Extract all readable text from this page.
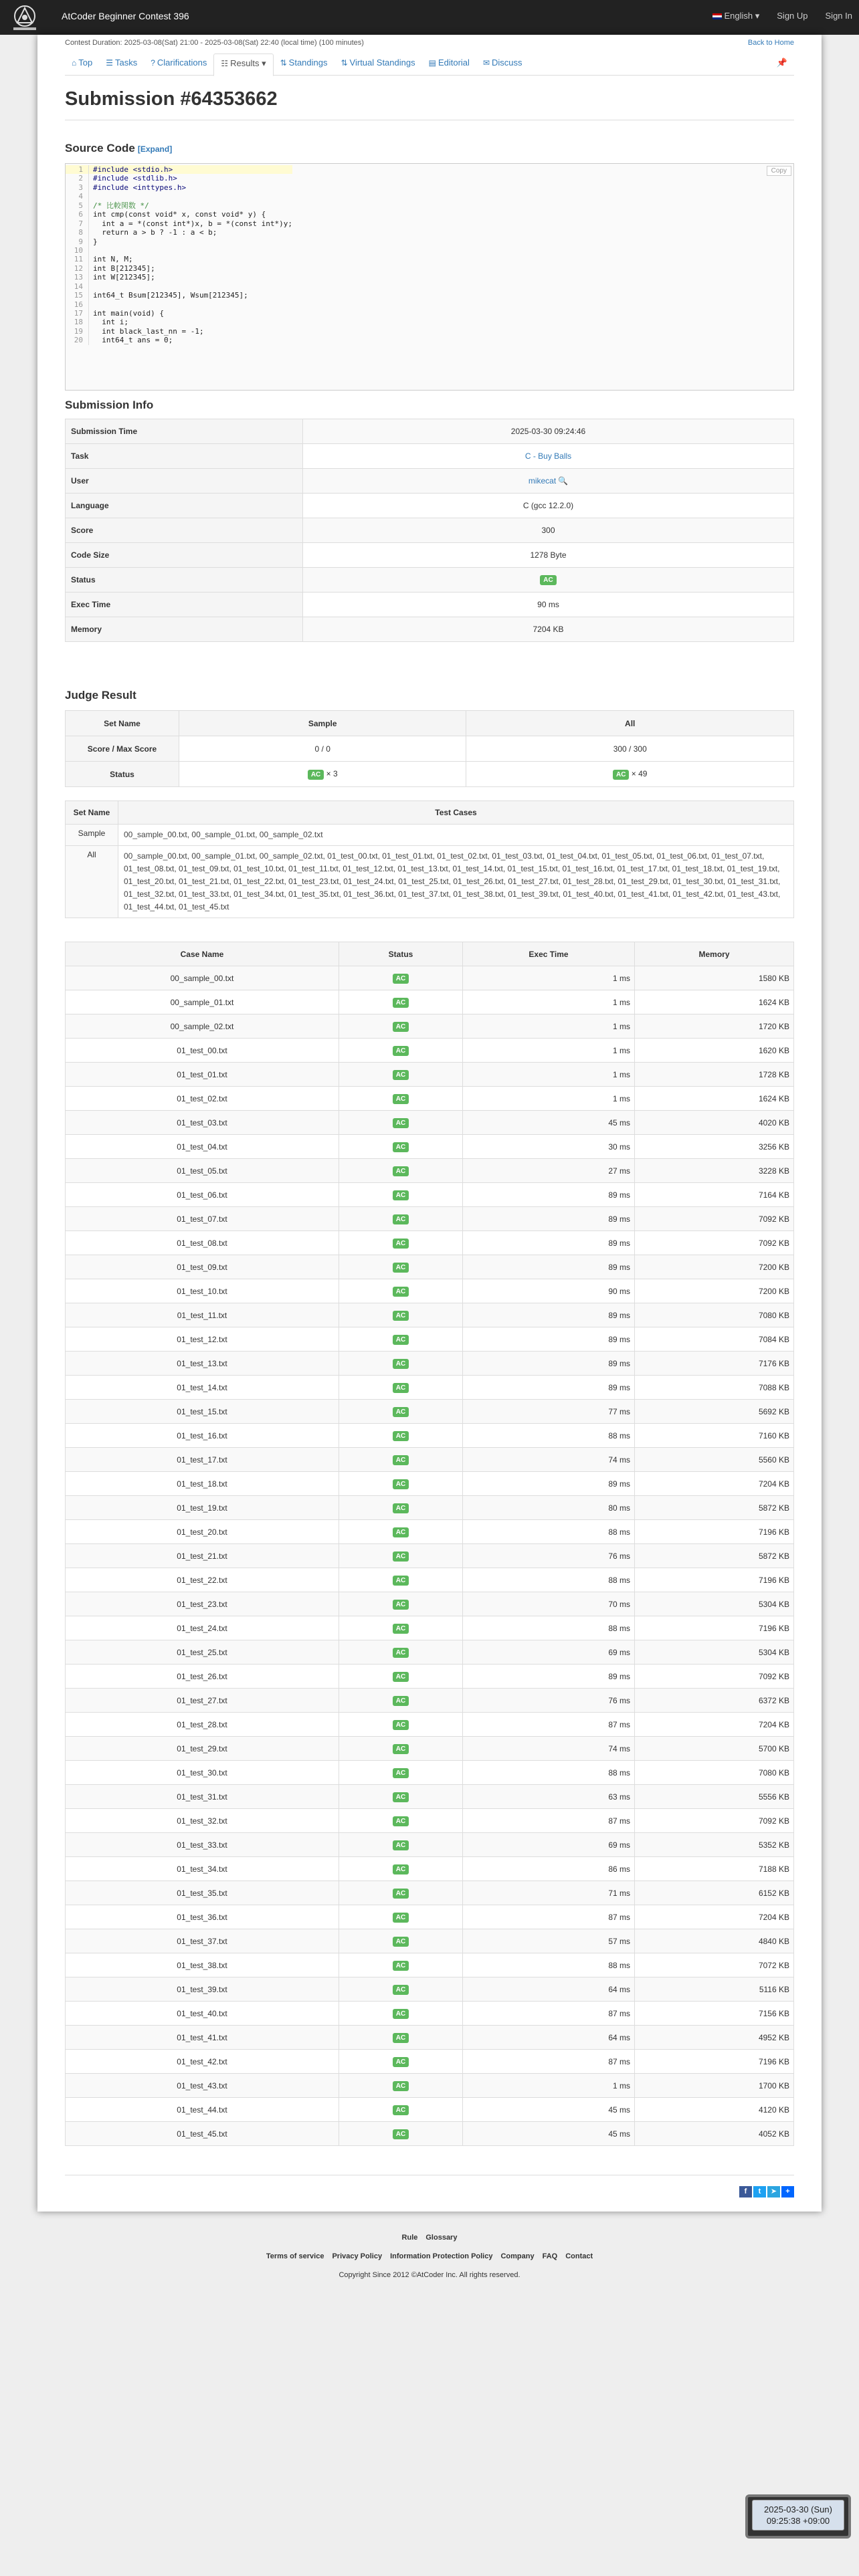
AtCoder Beginner Contest 396	English ▾ Sign Up Sign In
Contest Duration: 2025-03-08(Sat) 21:00 - 2025-03-08(Sat) 22:40 (local time) (100 minutes)	Back to Home
⌂ Top	☰ Tasks	? Clarifications	☷ Results ▾	⇅ Standings	⇅ Virtual Standings	▤ Editorial	✉ Discuss	📌
Submission #64353662
Source Code [Expand]
Copy
1	#include <stdio.h>
2	#include <stdlib.h>
3	#include <inttypes.h>
4
5	/* 比較関数 */
6	int cmp(const void* x, const void* y) {
7	int a = *(const int*)x, b = *(const int*)y;
8	return a > b ? -1 : a < b;
9	}
10
11	int N, M;
12	int B[212345];
13	int W[212345];
14
15	int64_t Bsum[212345], Wsum[212345];
16
17	int main(void) {
18	int i;
19	int black_last_nn = -1;
20	int64_t ans = 0;
Submission Info
Submission Time	2025-03-30 09:24:46
Task	C - Buy Balls
User	mikecat 🔍
Language	C (gcc 12.2.0)
Score	300
Code Size	1278 Byte
Status	AC
Exec Time	90 ms
Memory	7204 KB
Judge Result
Set Name	Sample	All
Score / Max Score	0 / 0	300 / 300
Status	AC × 3	AC × 49
Set Name	Test Cases
Sample	00_sample_00.txt, 00_sample_01.txt, 00_sample_02.txt
All	00_sample_00.txt, 00_sample_01.txt, 00_sample_02.txt, 01_test_00.txt, 01_test_01.txt, 01_test_02.txt, 01_test_03.txt, 01_test_04.txt, 01_test_05.txt, 01_test_06.txt, 01_test_07.txt, 01_test_08.txt, 01_test_09.txt, 01_test_10.txt, 01_test_11.txt, 01_test_12.txt, 01_test_13.txt, 01_test_14.txt, 01_test_15.txt, 01_test_16.txt, 01_test_17.txt, 01_test_18.txt, 01_test_19.txt, 01_test_20.txt, 01_test_21.txt, 01_test_22.txt, 01_test_23.txt, 01_test_24.txt, 01_test_25.txt, 01_test_26.txt, 01_test_27.txt, 01_test_28.txt, 01_test_29.txt, 01_test_30.txt, 01_test_31.txt, 01_test_32.txt, 01_test_33.txt, 01_test_34.txt, 01_test_35.txt, 01_test_36.txt, 01_test_37.txt, 01_test_38.txt, 01_test_39.txt, 01_test_40.txt, 01_test_41.txt, 01_test_42.txt, 01_test_43.txt, 01_test_44.txt, 01_test_45.txt
Case Name	Status	Exec Time	Memory
00_sample_00.txt	AC	1 ms	1580 KB
00_sample_01.txt	AC	1 ms	1624 KB
00_sample_02.txt	AC	1 ms	1720 KB
01_test_00.txt	AC	1 ms	1620 KB
01_test_01.txt	AC	1 ms	1728 KB
01_test_02.txt	AC	1 ms	1624 KB
01_test_03.txt	AC	45 ms	4020 KB
01_test_04.txt	AC	30 ms	3256 KB
01_test_05.txt	AC	27 ms	3228 KB
01_test_06.txt	AC	89 ms	7164 KB
01_test_07.txt	AC	89 ms	7092 KB
01_test_08.txt	AC	89 ms	7092 KB
01_test_09.txt	AC	89 ms	7200 KB
01_test_10.txt	AC	90 ms	7200 KB
01_test_11.txt	AC	89 ms	7080 KB
01_test_12.txt	AC	89 ms	7084 KB
01_test_13.txt	AC	89 ms	7176 KB
01_test_14.txt	AC	89 ms	7088 KB
01_test_15.txt	AC	77 ms	5692 KB
01_test_16.txt	AC	88 ms	7160 KB
01_test_17.txt	AC	74 ms	5560 KB
01_test_18.txt	AC	89 ms	7204 KB
01_test_19.txt	AC	80 ms	5872 KB
01_test_20.txt	AC	88 ms	7196 KB
01_test_21.txt	AC	76 ms	5872 KB
01_test_22.txt	AC	88 ms	7196 KB
01_test_23.txt	AC	70 ms	5304 KB
01_test_24.txt	AC	88 ms	7196 KB
01_test_25.txt	AC	69 ms	5304 KB
01_test_26.txt	AC	89 ms	7092 KB
01_test_27.txt	AC	76 ms	6372 KB
01_test_28.txt	AC	87 ms	7204 KB
01_test_29.txt	AC	74 ms	5700 KB
01_test_30.txt	AC	88 ms	7080 KB
01_test_31.txt	AC	63 ms	5556 KB
01_test_32.txt	AC	87 ms	7092 KB
01_test_33.txt	AC	69 ms	5352 KB
01_test_34.txt	AC	86 ms	7188 KB
01_test_35.txt	AC	71 ms	6152 KB
01_test_36.txt	AC	87 ms	7204 KB
01_test_37.txt	AC	57 ms	4840 KB
01_test_38.txt	AC	88 ms	7072 KB
01_test_39.txt	AC	64 ms	5116 KB
01_test_40.txt	AC	87 ms	7156 KB
01_test_41.txt	AC	64 ms	4952 KB
01_test_42.txt	AC	87 ms	7196 KB
01_test_43.txt	AC	1 ms	1700 KB
01_test_44.txt	AC	45 ms	4120 KB
01_test_45.txt	AC	45 ms	4052 KB
f	t	➤	+
Rule Glossary
Terms of service Privacy Policy Information Protection Policy Company FAQ Contact
Copyright Since 2012 ©AtCoder Inc. All rights reserved.
2025-03-30 (Sun)
09:25:38 +09:00
